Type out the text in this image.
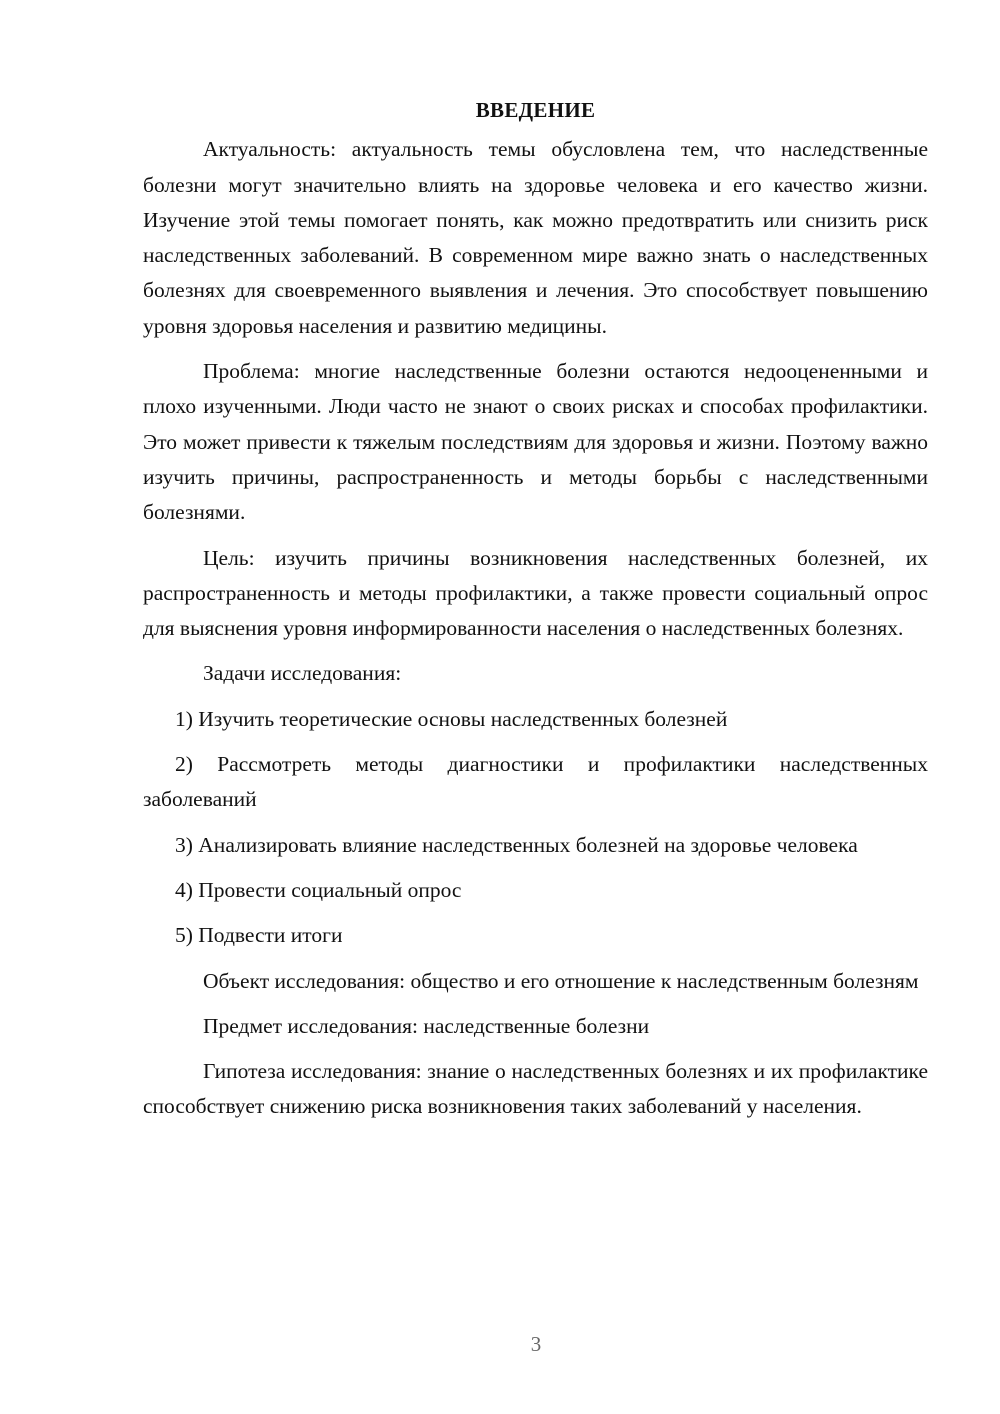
ВВЕДЕНИЕ

Актуальность: актуальность темы обусловлена тем, что наследственные болезни могут значительно влиять на здоровье человека и его качество жизни. Изучение этой темы помогает понять, как можно предотвратить или снизить риск наследственных заболеваний. В современном мире важно знать о наследственных болезнях для своевременного выявления и лечения. Это способствует повышению уровня здоровья населения и развитию медицины.

Проблема: многие наследственные болезни остаются недооцененными и плохо изученными. Люди часто не знают о своих рисках и способах профилактики. Это может привести к тяжелым последствиям для здоровья и жизни. Поэтому важно изучить причины, распространенность и методы борьбы с наследственными болезнями.

Цель: изучить причины возникновения наследственных болезней, их распространенность и методы профилактики, а также провести социальный опрос для выяснения уровня информированности населения о наследственных болезнях.

Задачи исследования:

1) Изучить теоретические основы наследственных болезней

2) Рассмотреть методы диагностики и профилактики наследственных заболеваний

3) Анализировать влияние наследственных болезней на здоровье человека

4) Провести социальный опрос

5) Подвести итоги

Объект исследования: общество и его отношение к наследственным болезням

Предмет исследования: наследственные болезни

Гипотеза исследования: знание о наследственных болезнях и их профилактике способствует снижению риска возникновения таких заболеваний у населения.

3
